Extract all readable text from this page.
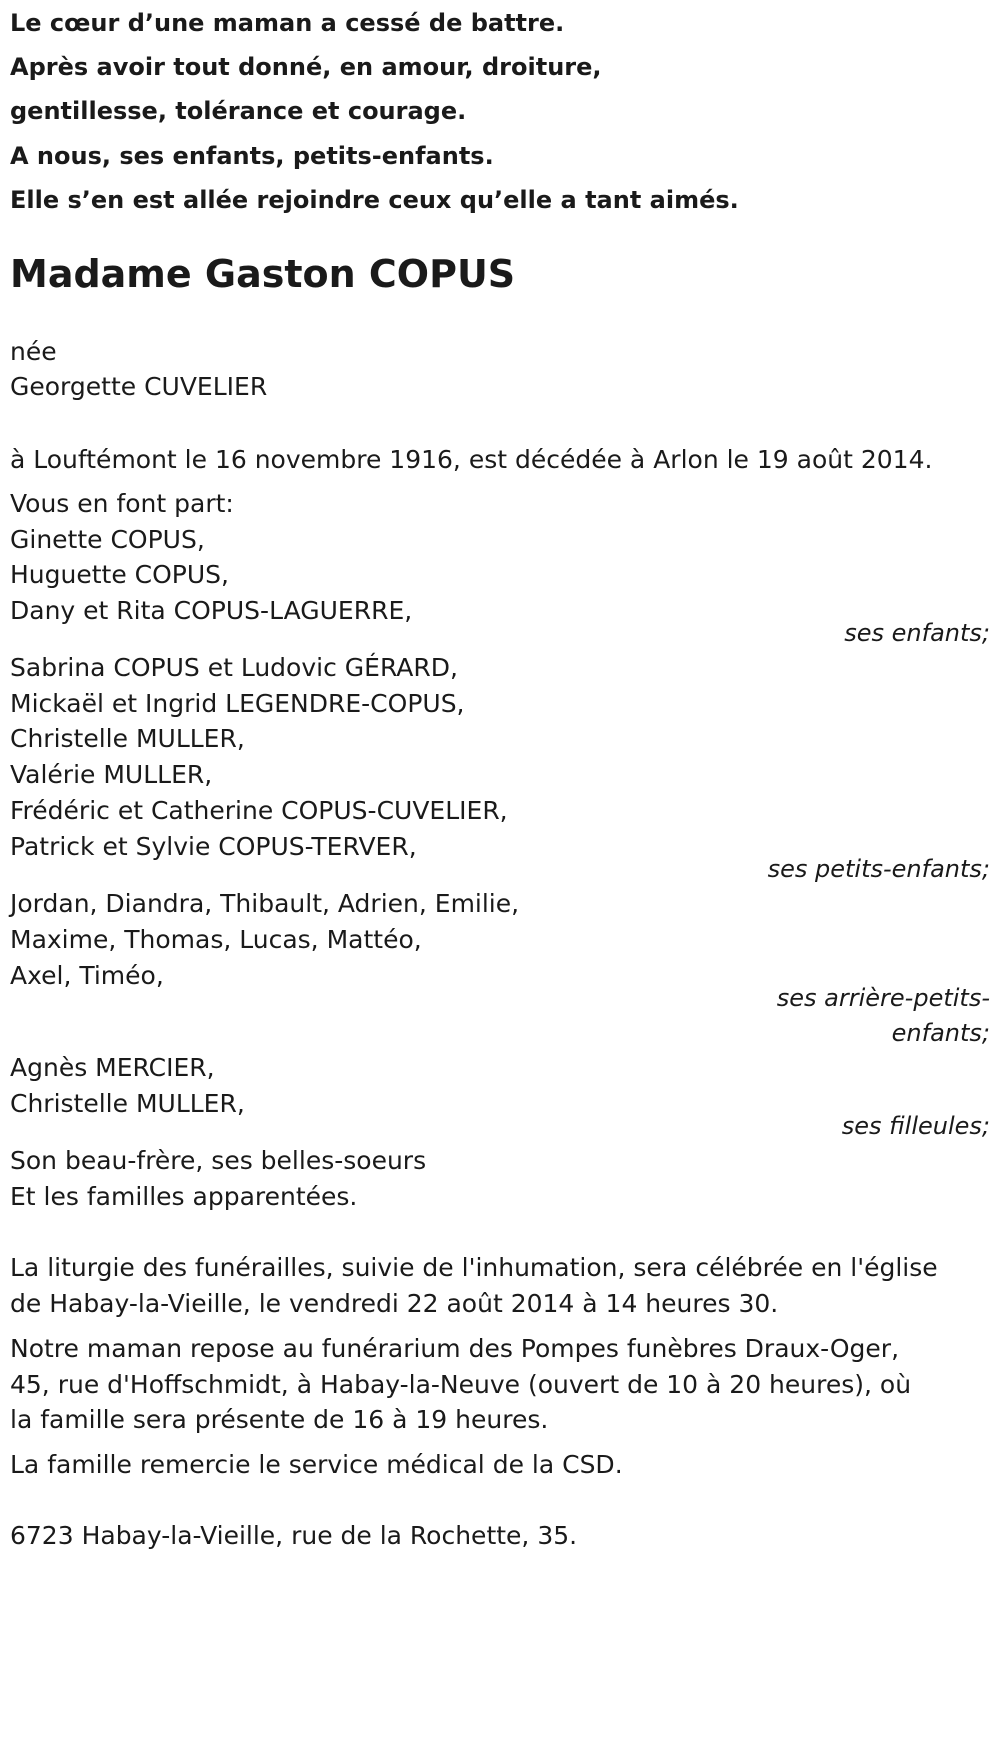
Le cœur d’une maman a cessé de battre.
Après avoir tout donné, en amour, droiture,
gentillesse, tolérance et courage.
A nous, ses enfants, petits-enfants.
Elle s’en est allée rejoindre ceux qu’elle a tant aimés.
Madame Gaston COPUS
née
Georgette CUVELIER
à Louftémont le 16 novembre 1916, est décédée à Arlon le 19 août 2014.
Vous en font part:
Ginette COPUS,
Huguette COPUS,
Dany et Rita COPUS-LAGUERRE,
ses enfants;
Sabrina COPUS et Ludovic GÉRARD,
Mickaël et Ingrid LEGENDRE-COPUS,
Christelle MULLER,
Valérie MULLER,
Frédéric et Catherine COPUS-CUVELIER,
Patrick et Sylvie COPUS-TERVER,
ses petits-enfants;
Jordan, Diandra, Thibault, Adrien, Emilie,
Maxime, Thomas, Lucas, Mattéo,
Axel, Timéo,
ses arrière-petits-
enfants;
Agnès MERCIER,
Christelle MULLER,
ses filleules;
Son beau-frère, ses belles-soeurs
Et les familles apparentées.
La liturgie des funérailles, suivie de l'inhumation, sera célébrée en l'église
de Habay-la-Vieille, le vendredi 22 août 2014 à 14 heures 30.
Notre maman repose au funérarium des Pompes funèbres Draux-Oger,
45, rue d'Hoffschmidt, à Habay-la-Neuve (ouvert de 10 à 20 heures), où
la famille sera présente de 16 à 19 heures.
La famille remercie le service médical de la CSD.
6723 Habay-la-Vieille, rue de la Rochette, 35.
